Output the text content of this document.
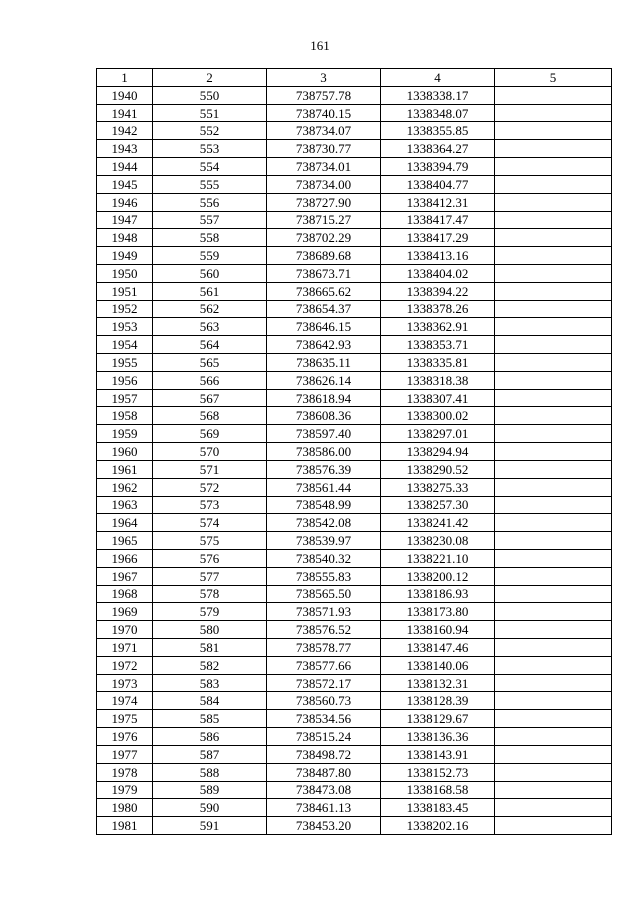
161
1	2	3	4	5
1940	550	738757.78	1338338.17	
1941	551	738740.15	1338348.07	
1942	552	738734.07	1338355.85	
1943	553	738730.77	1338364.27	
1944	554	738734.01	1338394.79	
1945	555	738734.00	1338404.77	
1946	556	738727.90	1338412.31	
1947	557	738715.27	1338417.47	
1948	558	738702.29	1338417.29	
1949	559	738689.68	1338413.16	
1950	560	738673.71	1338404.02	
1951	561	738665.62	1338394.22	
1952	562	738654.37	1338378.26	
1953	563	738646.15	1338362.91	
1954	564	738642.93	1338353.71	
1955	565	738635.11	1338335.81	
1956	566	738626.14	1338318.38	
1957	567	738618.94	1338307.41	
1958	568	738608.36	1338300.02	
1959	569	738597.40	1338297.01	
1960	570	738586.00	1338294.94	
1961	571	738576.39	1338290.52	
1962	572	738561.44	1338275.33	
1963	573	738548.99	1338257.30	
1964	574	738542.08	1338241.42	
1965	575	738539.97	1338230.08	
1966	576	738540.32	1338221.10	
1967	577	738555.83	1338200.12	
1968	578	738565.50	1338186.93	
1969	579	738571.93	1338173.80	
1970	580	738576.52	1338160.94	
1971	581	738578.77	1338147.46	
1972	582	738577.66	1338140.06	
1973	583	738572.17	1338132.31	
1974	584	738560.73	1338128.39	
1975	585	738534.56	1338129.67	
1976	586	738515.24	1338136.36	
1977	587	738498.72	1338143.91	
1978	588	738487.80	1338152.73	
1979	589	738473.08	1338168.58	
1980	590	738461.13	1338183.45	
1981	591	738453.20	1338202.16	
